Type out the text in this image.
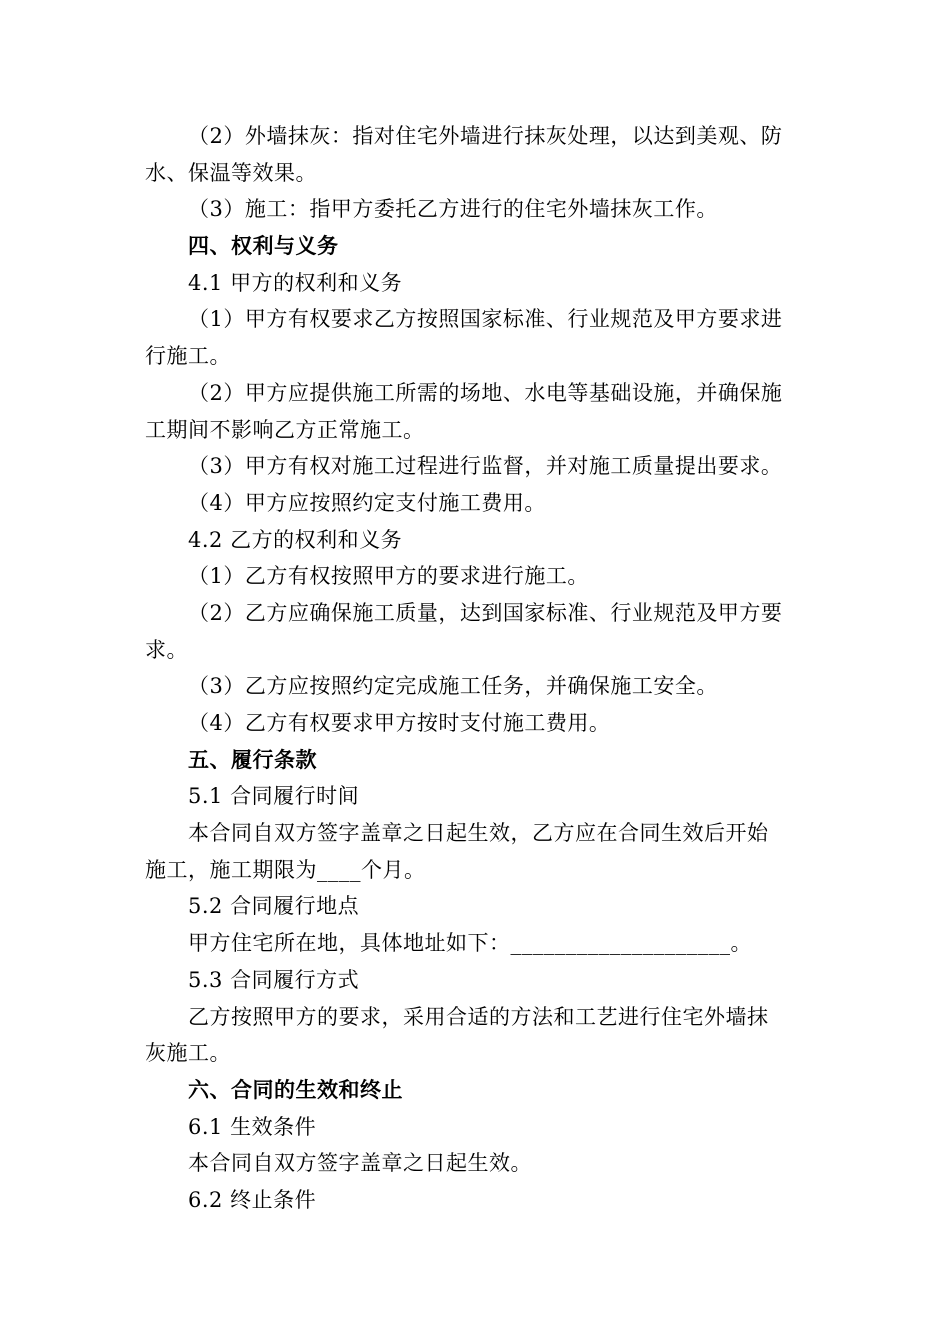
（2）外墙抹灰：指对住宅外墙进行抹灰处理，以达到美观、防
水、保温等效果。
（3）施工：指甲方委托乙方进行的住宅外墙抹灰工作。
四、权利与义务
4.1 甲方的权利和义务
（1）甲方有权要求乙方按照国家标准、行业规范及甲方要求进
行施工。
（2）甲方应提供施工所需的场地、水电等基础设施，并确保施
工期间不影响乙方正常施工。
（3）甲方有权对施工过程进行监督，并对施工质量提出要求。
（4）甲方应按照约定支付施工费用。
4.2 乙方的权利和义务
（1）乙方有权按照甲方的要求进行施工。
（2）乙方应确保施工质量，达到国家标准、行业规范及甲方要
求。
（3）乙方应按照约定完成施工任务，并确保施工安全。
（4）乙方有权要求甲方按时支付施工费用。
五、履行条款
5.1 合同履行时间
本合同自双方签字盖章之日起生效，乙方应在合同生效后开始
施工，施工期限为____个月。
5.2 合同履行地点
甲方住宅所在地，具体地址如下：____________________。
5.3 合同履行方式
乙方按照甲方的要求，采用合适的方法和工艺进行住宅外墙抹
灰施工。
六、合同的生效和终止
6.1 生效条件
本合同自双方签字盖章之日起生效。
6.2 终止条件
